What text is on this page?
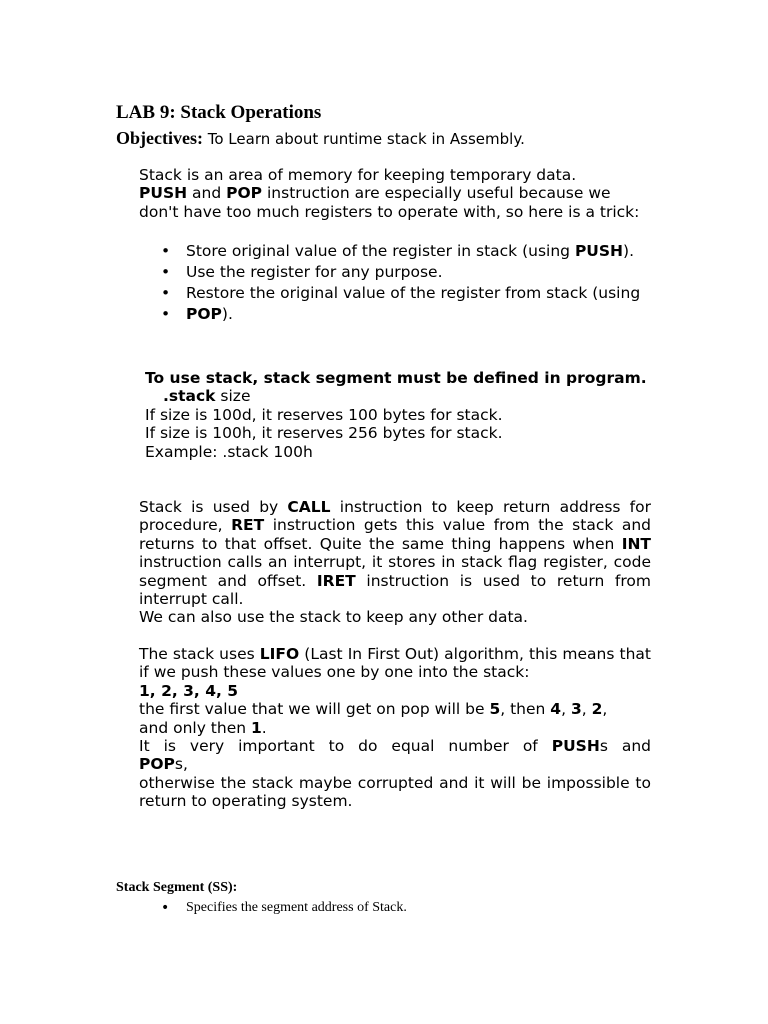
LAB 9: Stack Operations
Objectives: To Learn about runtime stack in Assembly.
Stack is an area of memory for keeping temporary data.
PUSH and POP instruction are especially useful because we don't have too much registers to operate with, so here is a trick:
• Store original value of the register in stack (using PUSH).
• Use the register for any purpose.
• Restore the original value of the register from stack (using
• POP).
To use stack, stack segment must be defined in program.
.stack size
If size is 100d, it reserves 100 bytes for stack.
If size is 100h, it reserves 256 bytes for stack.
Example: .stack 100h
Stack is used by CALL instruction to keep return address for procedure, RET instruction gets this value from the stack and returns to that offset. Quite the same thing happens when INT instruction calls an interrupt, it stores in stack flag register, code segment and offset. IRET instruction is used to return from interrupt call.
We can also use the stack to keep any other data.
The stack uses LIFO (Last In First Out) algorithm, this means that if we push these values one by one into the stack:
1, 2, 3, 4, 5
the first value that we will get on pop will be 5, then 4, 3, 2,
and only then 1.
It is very important to do equal number of PUSHs and
POPs,
otherwise the stack maybe corrupted and it will be impossible to return to operating system.
Stack Segment (SS):
• Specifies the segment address of Stack.
